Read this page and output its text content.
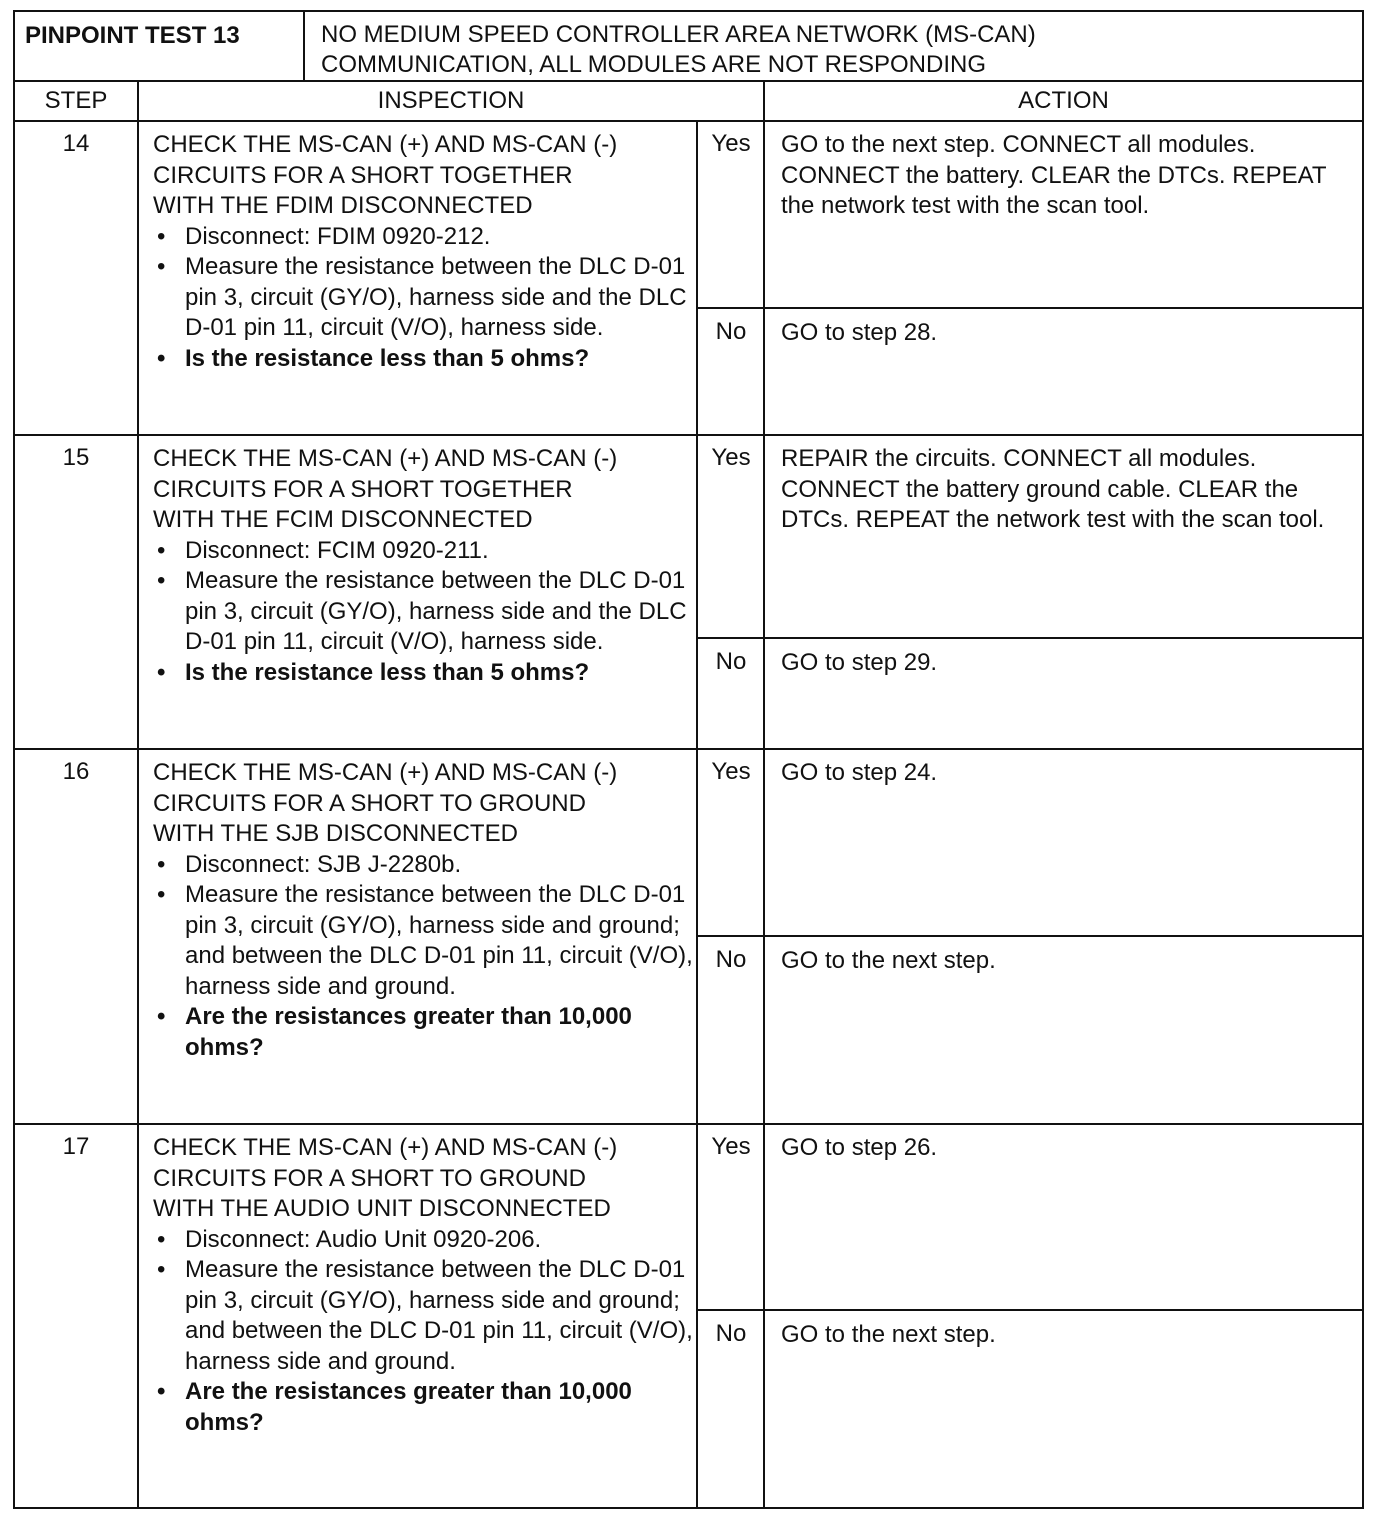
PINPOINT TEST 13	NO MEDIUM SPEED CONTROLLER AREA NETWORK (MS-CAN)
COMMUNICATION, ALL MODULES ARE NOT RESPONDING
STEP	INSPECTION	ACTION
14	CHECK THE MS-CAN (+) AND MS-CAN (-)
CIRCUITS FOR A SHORT TOGETHER
WITH THE FDIM DISCONNECTED
• Disconnect: FDIM 0920-212.
• Measure the resistance between the DLC D-01 pin 3, circuit (GY/O), harness side and the DLC D-01 pin 11, circuit (V/O), harness side.
• Is the resistance less than 5 ohms?
Yes	GO to the next step. CONNECT all modules. CONNECT the battery. CLEAR the DTCs. REPEAT the network test with the scan tool.
No	GO to step 28.
15	CHECK THE MS-CAN (+) AND MS-CAN (-)
CIRCUITS FOR A SHORT TOGETHER
WITH THE FCIM DISCONNECTED
• Disconnect: FCIM 0920-211.
• Measure the resistance between the DLC D-01 pin 3, circuit (GY/O), harness side and the DLC D-01 pin 11, circuit (V/O), harness side.
• Is the resistance less than 5 ohms?
Yes	REPAIR the circuits. CONNECT all modules. CONNECT the battery ground cable. CLEAR the DTCs. REPEAT the network test with the scan tool.
No	GO to step 29.
16	CHECK THE MS-CAN (+) AND MS-CAN (-)
CIRCUITS FOR A SHORT TO GROUND
WITH THE SJB DISCONNECTED
• Disconnect: SJB J-2280b.
• Measure the resistance between the DLC D-01 pin 3, circuit (GY/O), harness side and ground; and between the DLC D-01 pin 11, circuit (V/O), harness side and ground.
• Are the resistances greater than 10,000 ohms?
Yes	GO to step 24.
No	GO to the next step.
17	CHECK THE MS-CAN (+) AND MS-CAN (-)
CIRCUITS FOR A SHORT TO GROUND
WITH THE AUDIO UNIT DISCONNECTED
• Disconnect: Audio Unit 0920-206.
• Measure the resistance between the DLC D-01 pin 3, circuit (GY/O), harness side and ground; and between the DLC D-01 pin 11, circuit (V/O), harness side and ground.
• Are the resistances greater than 10,000 ohms?
Yes	GO to step 26.
No	GO to the next step.
